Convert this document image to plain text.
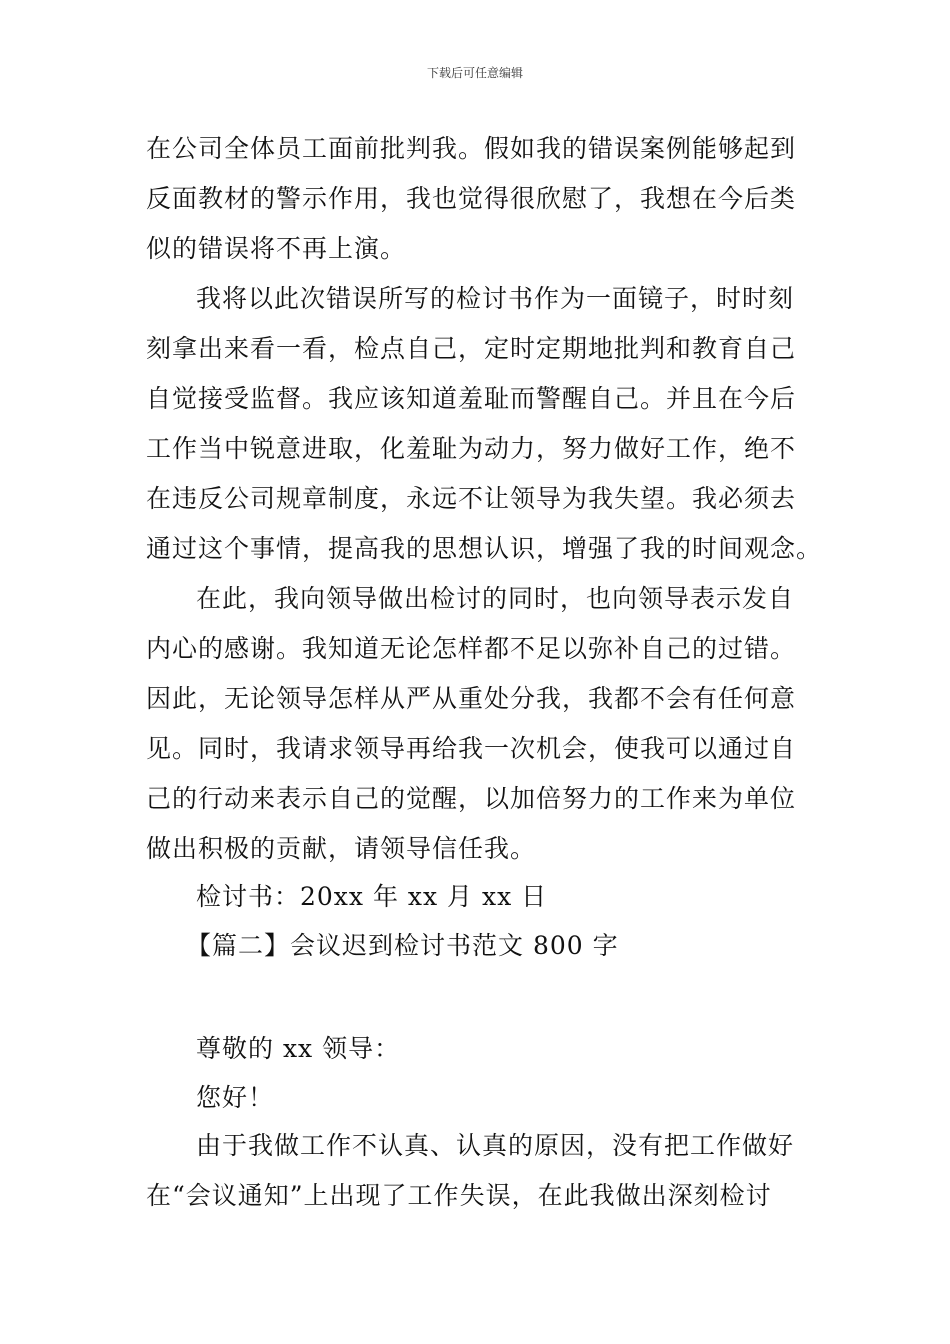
下载后可任意编辑
在公司全体员工面前批判我。假如我的错误案例能够起到
反面教材的警示作用，我也觉得很欣慰了，我想在今后类
似的错误将不再上演。
我将以此次错误所写的检讨书作为一面镜子，时时刻
刻拿出来看一看，检点自己，定时定期地批判和教育自己
自觉接受监督。我应该知道羞耻而警醒自己。并且在今后
工作当中锐意进取，化羞耻为动力，努力做好工作，绝不
在违反公司规章制度，永远不让领导为我失望。我必须去
通过这个事情，提高我的思想认识，增强了我的时间观念。
在此，我向领导做出检讨的同时，也向领导表示发自
内心的感谢。我知道无论怎样都不足以弥补自己的过错。
因此，无论领导怎样从严从重处分我，我都不会有任何意
见。同时，我请求领导再给我一次机会，使我可以通过自
己的行动来表示自己的觉醒，以加倍努力的工作来为单位
做出积极的贡献，请领导信任我。
检讨书：20xx 年 xx 月 xx 日
【篇二】会议迟到检讨书范文 800 字
尊敬的 xx 领导：
您好！
由于我做工作不认真、认真的原因，没有把工作做好
在“会议通知”上出现了工作失误，在此我做出深刻检讨
